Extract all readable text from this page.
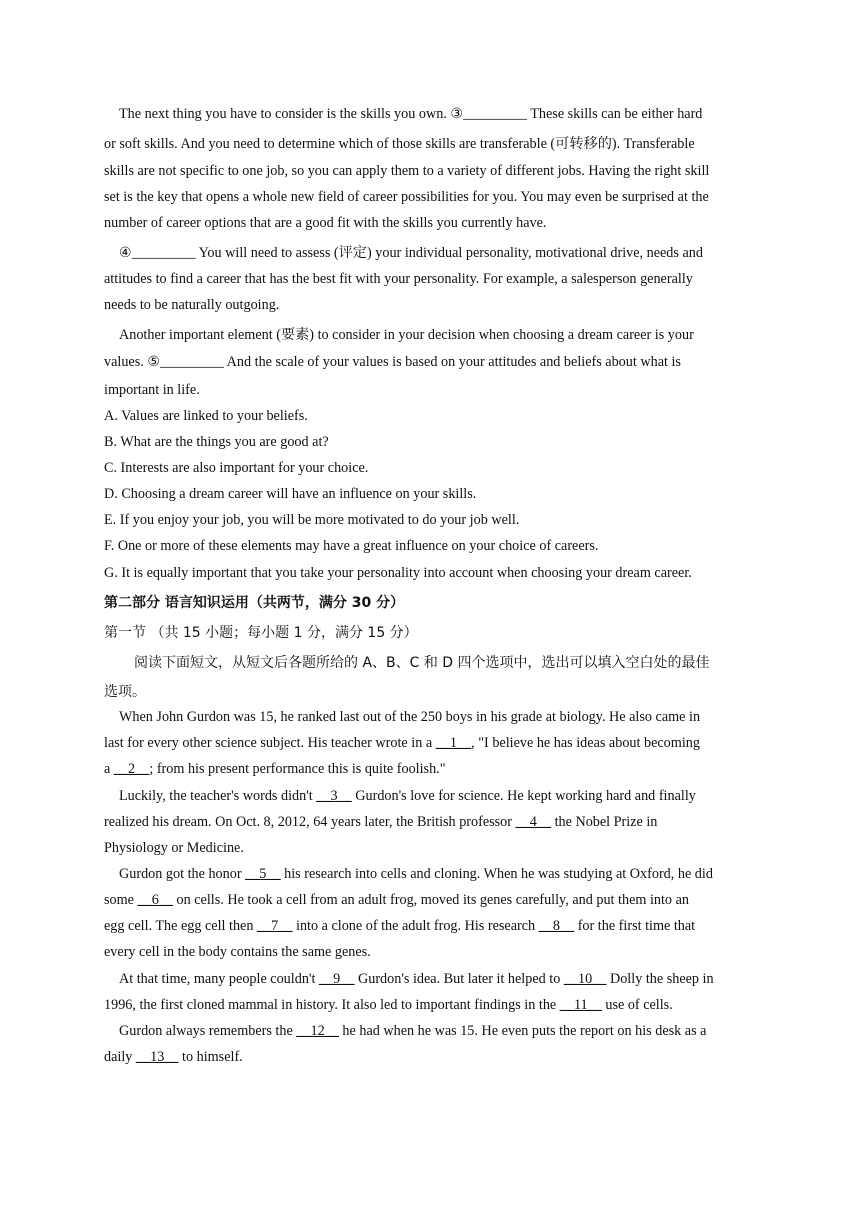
The next thing you have to consider is the skills you own. ③_________ These skills can be either hard
or soft skills. And you need to determine which of those skills are transferable (可转移的). Transferable
skills are not specific to one job, so you can apply them to a variety of different jobs. Having the right skill
set is the key that opens a whole new field of career possibilities for you. You may even be surprised at the
number of career options that are a good fit with the skills you currently have.
④_________ You will need to assess (评定) your individual personality, motivational drive, needs and
attitudes to find a career that has the best fit with your personality. For example, a salesperson generally
needs to be naturally outgoing.
Another important element (要素) to consider in your decision when choosing a dream career is your
values. ⑤_________ And the scale of your values is based on your attitudes and beliefs about what is
important in life.
A. Values are linked to your beliefs.
B. What are the things you are good at?
C. Interests are also important for your choice.
D. Choosing a dream career will have an influence on your skills.
E. If you enjoy your job, you will be more motivated to do your job well.
F. One or more of these elements may have a great influence on your choice of careers.
G. It is equally important that you take your personality into account when choosing your dream career.
第二部分 语言知识运用（共两节，满分 30 分）
第一节 （共 15 小题；每小题 1 分，满分 15 分）
阅读下面短文，从短文后各题所给的 A、B、C 和 D 四个选项中，选出可以填入空白处的最佳
选项。
When John Gurdon was 15, he ranked last out of the 250 boys in his grade at biology. He also came in
last for every other science subject. His teacher wrote in a __1__, "I believe he has ideas about becoming
a __2__; from his present performance this is quite foolish."
Luckily, the teacher's words didn't __3__ Gurdon's love for science. He kept working hard and finally
realized his dream. On Oct. 8, 2012, 64 years later, the British professor __4__ the Nobel Prize in
Physiology or Medicine.
Gurdon got the honor __5__ his research into cells and cloning. When he was studying at Oxford, he did
some __6__ on cells. He took a cell from an adult frog, moved its genes carefully, and put them into an
egg cell. The egg cell then __7__ into a clone of the adult frog. His research __8__ for the first time that
every cell in the body contains the same genes.
At that time, many people couldn't __9__ Gurdon's idea. But later it helped to __10__ Dolly the sheep in
1996, the first cloned mammal in history. It also led to important findings in the __11__ use of cells.
Gurdon always remembers the __12__ he had when he was 15. He even puts the report on his desk as a
daily __13__ to himself.
